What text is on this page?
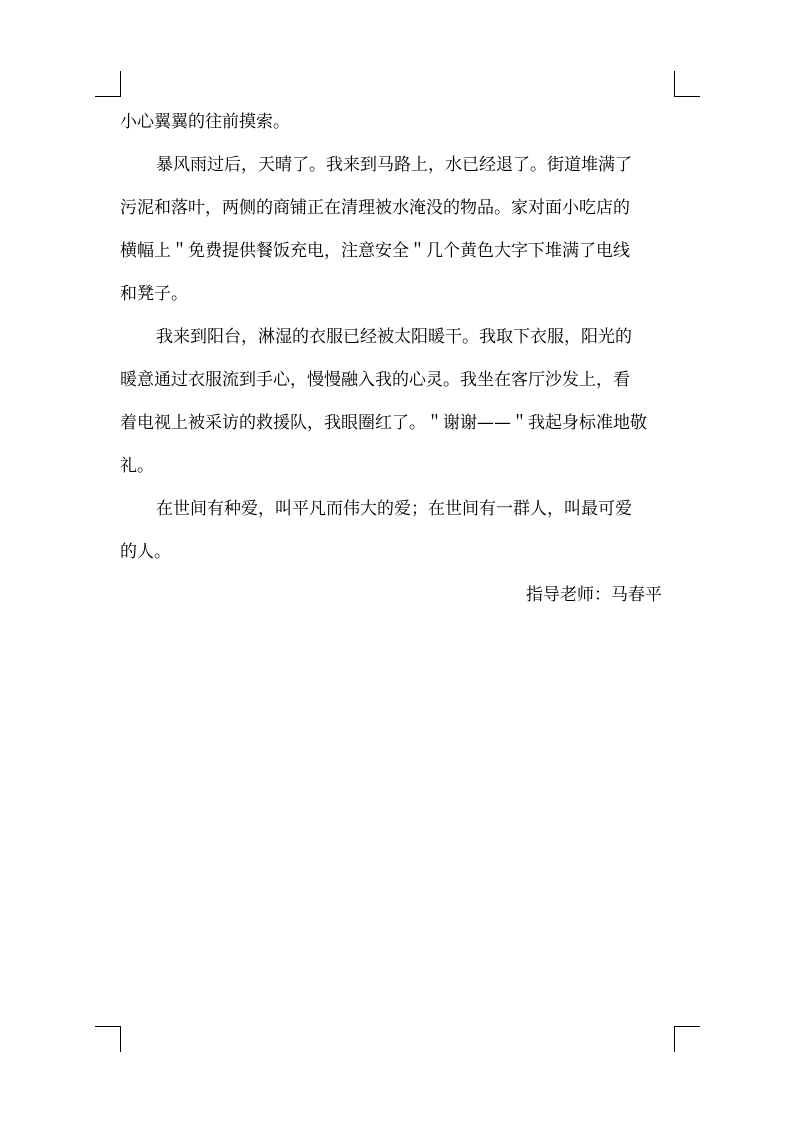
小心翼翼的往前摸索。
暴风雨过后，天晴了。我来到马路上，水已经退了。街道堆满了
污泥和落叶，两侧的商铺正在清理被水淹没的物品。家对面小吃店的
横幅上＂免费提供餐饭充电，注意安全＂几个黄色大字下堆满了电线
和凳子。
我来到阳台，淋湿的衣服已经被太阳暖干。我取下衣服，阳光的
暖意通过衣服流到手心，慢慢融入我的心灵。我坐在客厅沙发上，看
着电视上被采访的救援队，我眼圈红了。＂谢谢——＂我起身标准地敬
礼。
在世间有种爱，叫平凡而伟大的爱；在世间有一群人，叫最可爱
的人。
指导老师：马春平
